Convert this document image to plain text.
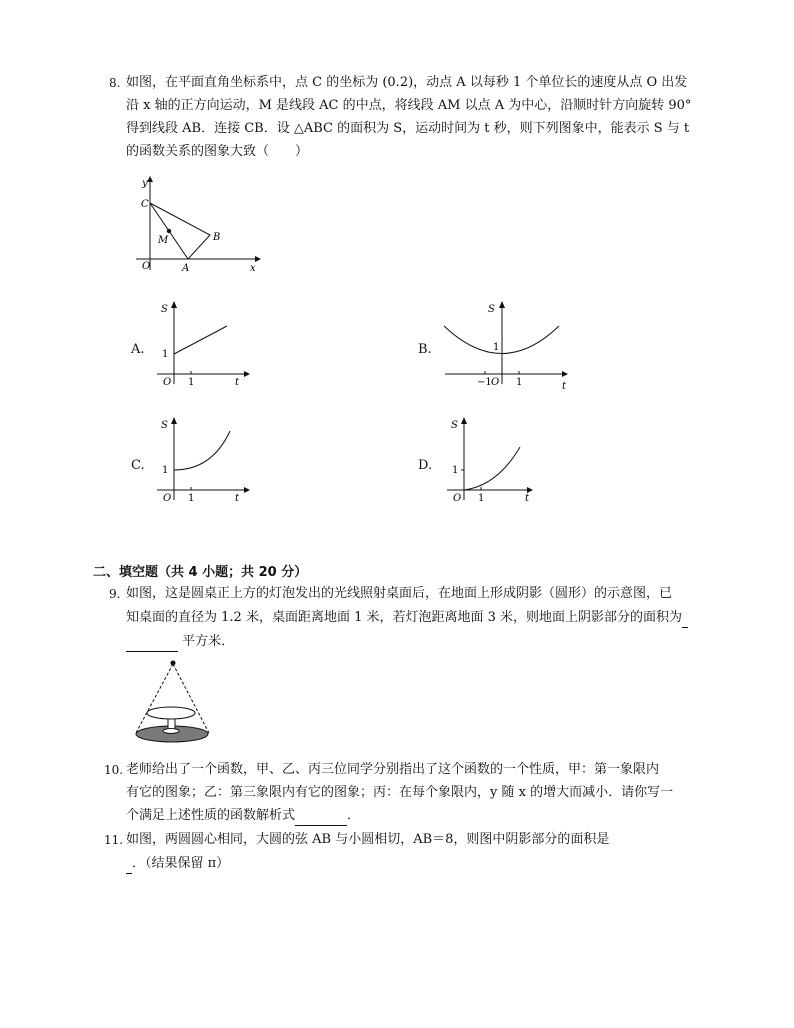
8. 如图，在平面直角坐标系中，点 C 的坐标为 (0.2)，动点 A 以每秒 1 个单位长的速度从点 O 出发
沿 x 轴的正方向运动，M 是线段 AC 的中点，将线段 AM 以点 A 为中心，沿顺时针方向旋转 90°
得到线段 AB．连接 CB．设 △ABC 的面积为 S，运动时间为 t 秒，则下列图象中，能表示 S 与 t
的函数关系的图象大致（　　）
y
x
O
C
M
A
B
A.
S
1
O 1	t
B.
S
1
−1 O 1	t
C.
S
1
O 1	t
D.
S
1
O 1	t
二、填空题（共 4 小题；共 20 分）
9. 如图，这是圆桌正上方的灯泡发出的光线照射桌面后，在地面上形成阴影（圆形）的示意图，已
知桌面的直径为 1.2 米，桌面距离地面 1 米，若灯泡距离地面 3 米，则地面上阴影部分的面积为
平方米．
10. 老师给出了一个函数，甲、乙、丙三位同学分别指出了这个函数的一个性质，甲：第一象限内
有它的图象；乙：第三象限内有它的图象；丙：在每个象限内，y 随 x 的增大而减小．请你写一
个满足上述性质的函数解析式	．
11. 如图，两圆圆心相同，大圆的弦 AB 与小圆相切，AB＝8，则图中阴影部分的面积是
．（结果保留 π）
